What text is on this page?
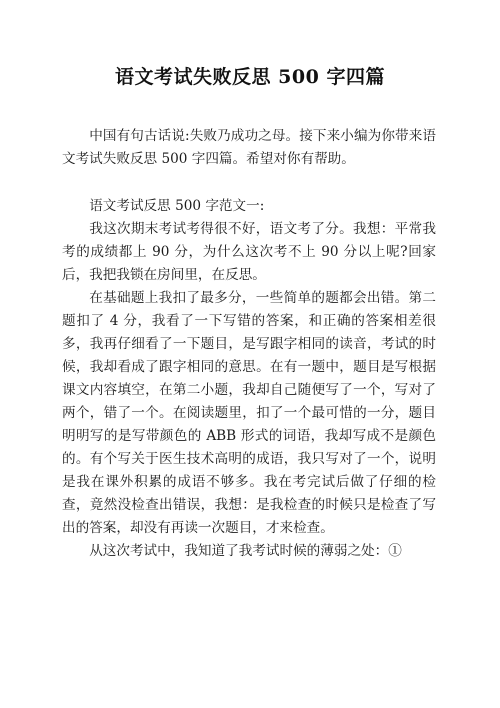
语文考试失败反思 500 字四篇

中国有句古话说:失败乃成功之母。接下来小编为你带来语文考试失败反思 500 字四篇。希望对你有帮助。

语文考试反思 500 字范文一:

我这次期末考试考得很不好，语文考了分。我想：平常我考的成绩都上 90 分，为什么这次考不上 90 分以上呢?回家后，我把我锁在房间里，在反思。

在基础题上我扣了最多分，一些简单的题都会出错。第二题扣了 4 分，我看了一下写错的答案，和正确的答案相差很多，我再仔细看了一下题目，是写跟字相同的读音，考试的时候，我却看成了跟字相同的意思。在有一题中，题目是写根据课文内容填空，在第二小题，我却自己随便写了一个，写对了两个，错了一个。在阅读题里，扣了一个最可惜的一分，题目明明写的是写带颜色的 ABB 形式的词语，我却写成不是颜色的。有个写关于医生技术高明的成语，我只写对了一个，说明是我在课外积累的成语不够多。我在考完试后做了仔细的检查，竟然没检查出错误，我想：是我检查的时候只是检查了写出的答案，却没有再读一次题目，才来检查。

从这次考试中，我知道了我考试时候的薄弱之处：①
